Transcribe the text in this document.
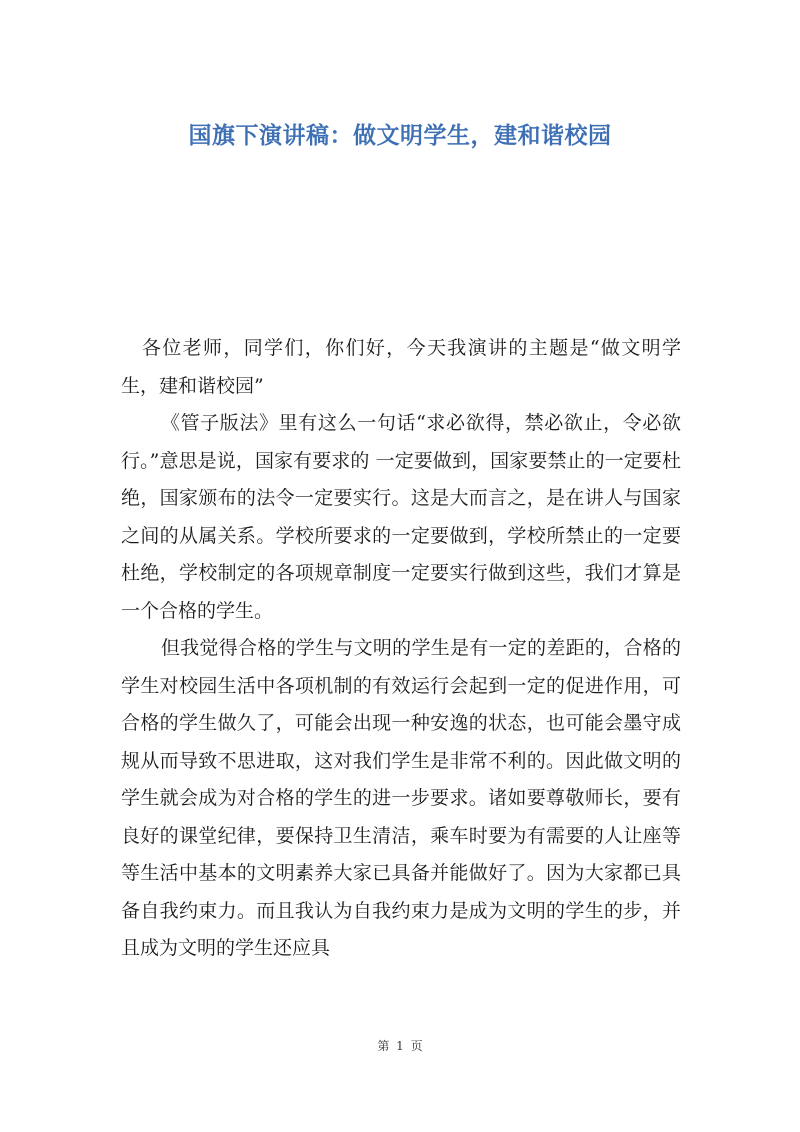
国旗下演讲稿：做文明学生，建和谐校园

各位老师，同学们，你们好，今天我演讲的主题是“做文明学生，建和谐校园”

《管子版法》里有这么一句话“求必欲得，禁必欲止，令必欲行。”意思是说，国家有要求的 一定要做到，国家要禁止的一定要杜绝，国家颁布的法令一定要实行。这是大而言之，是在讲人与国家之间的从属关系。学校所要求的一定要做到，学校所禁止的一定要杜绝，学校制定的各项规章制度一定要实行做到这些，我们才算是一个合格的学生。

但我觉得合格的学生与文明的学生是有一定的差距的，合格的学生对校园生活中各项机制的有效运行会起到一定的促进作用，可合格的学生做久了，可能会出现一种安逸的状态，也可能会墨守成规从而导致不思进取，这对我们学生是非常不利的。因此做文明的学生就会成为对合格的学生的进一步要求。诸如要尊敬师长，要有良好的课堂纪律，要保持卫生清洁，乘车时要为有需要的人让座等等生活中基本的文明素养大家已具备并能做好了。因为大家都已具备自我约束力。而且我认为自我约束力是成为文明的学生的步，并且成为文明的学生还应具

第 1 页
